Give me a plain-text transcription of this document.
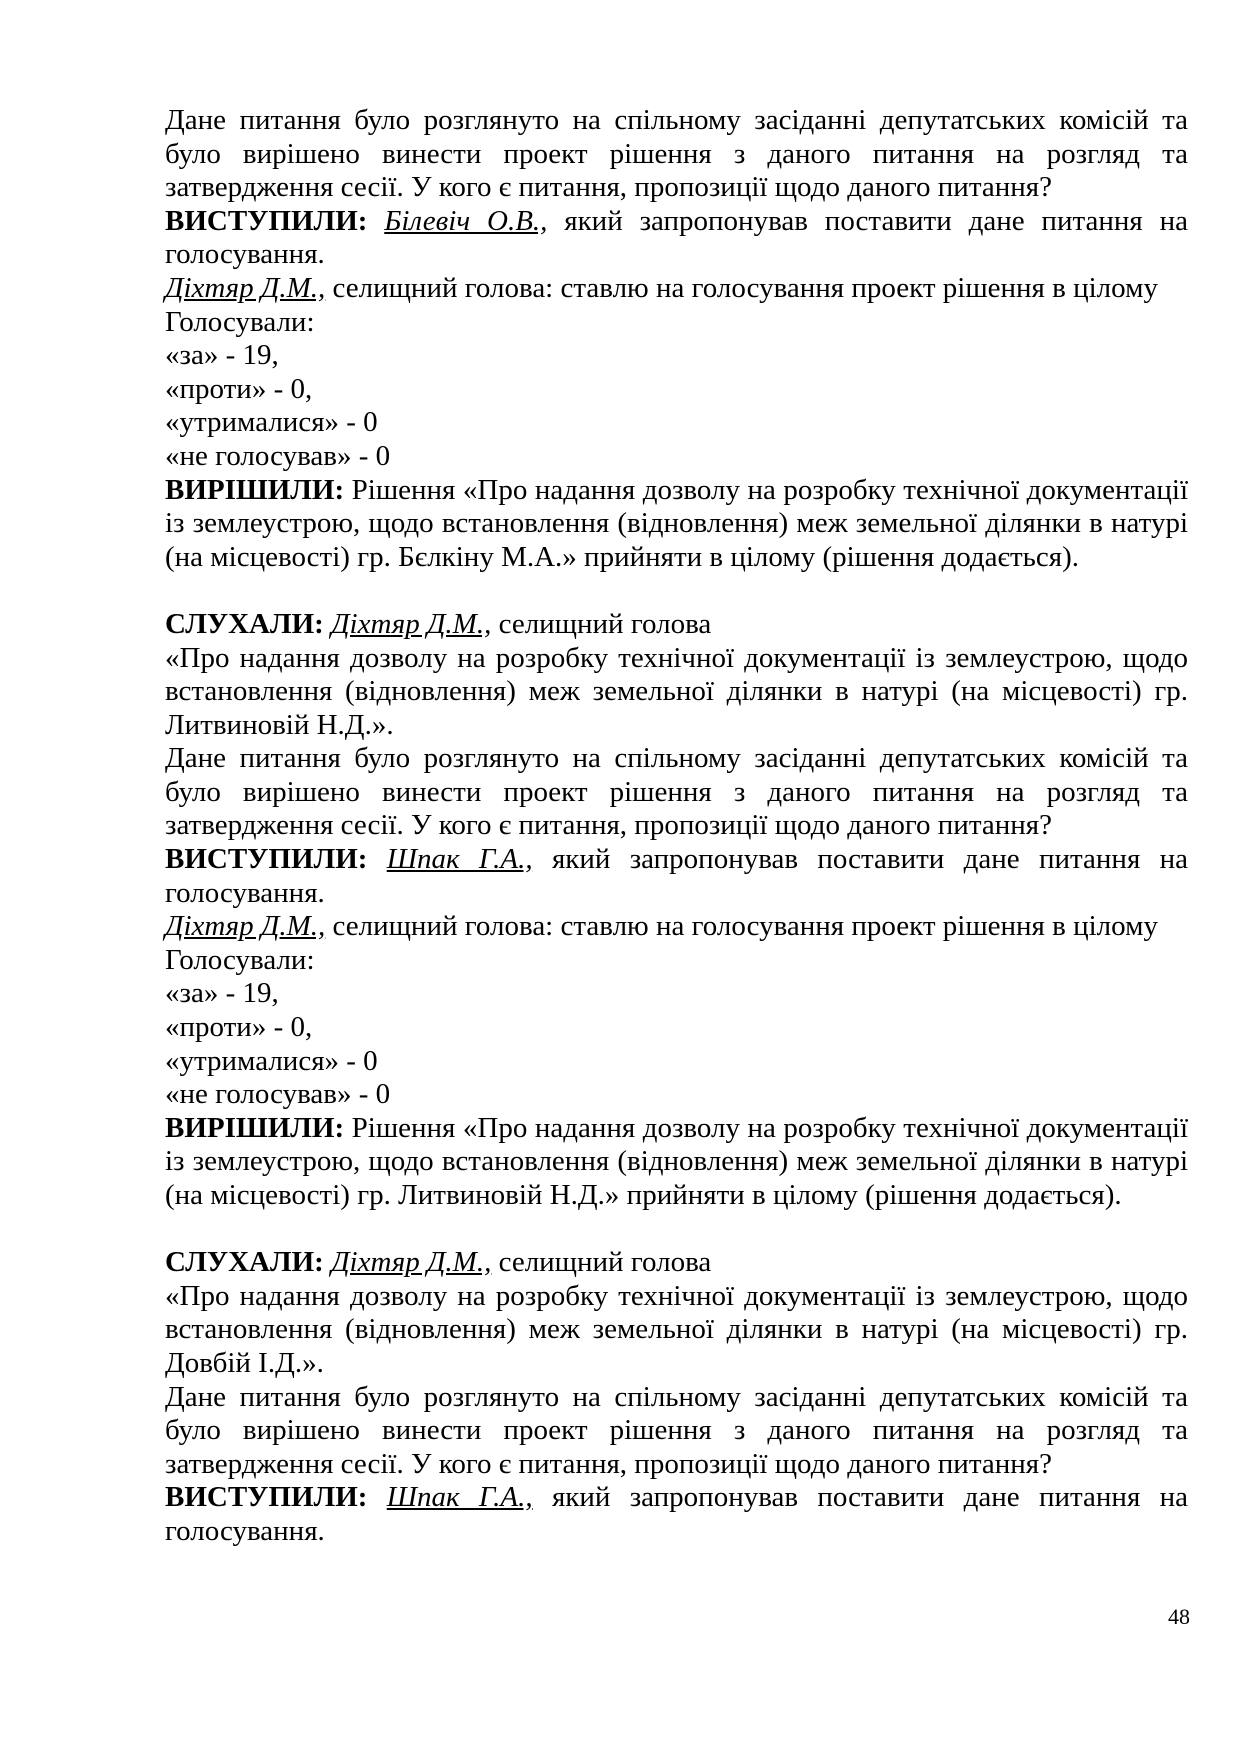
Дане питання було розглянуто на спільному засіданні депутатських комісій та було вирішено винести проект рішення з даного питання на розгляд та затвердження сесії. У кого є питання, пропозиції щодо даного питання?

ВИСТУПИЛИ: Білевіч О.В., який запропонував поставити дане питання на голосування.

Діхтяр Д.М., селищний голова: ставлю на голосування проект рішення в цілому

Голосували:

«за» - 19,

«проти» - 0,

«утрималися» - 0

«не голосував» - 0

ВИРІШИЛИ: Рішення «Про надання дозволу на розробку технічної документації із землеустрою, щодо встановлення (відновлення) меж земельної ділянки в натурі (на місцевості) гр. Бєлкіну М.А.» прийняти в цілому (рішення додається).

СЛУХАЛИ: Діхтяр Д.М., селищний голова

«Про надання дозволу на розробку технічної документації із землеустрою, щодо встановлення (відновлення) меж земельної ділянки в натурі (на місцевості) гр. Литвиновій Н.Д.».

Дане питання було розглянуто на спільному засіданні депутатських комісій та було вирішено винести проект рішення з даного питання на розгляд та затвердження сесії. У кого є питання, пропозиції щодо даного питання?

ВИСТУПИЛИ: Шпак Г.А., який запропонував поставити дане питання на голосування.

Діхтяр Д.М., селищний голова: ставлю на голосування проект рішення в цілому

Голосували:

«за» - 19,

«проти» - 0,

«утрималися» - 0

«не голосував» - 0

ВИРІШИЛИ: Рішення «Про надання дозволу на розробку технічної документації із землеустрою, щодо встановлення (відновлення) меж земельної ділянки в натурі (на місцевості) гр. Литвиновій Н.Д.» прийняти в цілому (рішення додається).

СЛУХАЛИ: Діхтяр Д.М., селищний голова

«Про надання дозволу на розробку технічної документації із землеустрою, щодо встановлення (відновлення) меж земельної ділянки в натурі (на місцевості) гр. Довбій І.Д.».

Дане питання було розглянуто на спільному засіданні депутатських комісій та було вирішено винести проект рішення з даного питання на розгляд та затвердження сесії. У кого є питання, пропозиції щодо даного питання?

ВИСТУПИЛИ: Шпак Г.А., який запропонував поставити дане питання на голосування.

48
